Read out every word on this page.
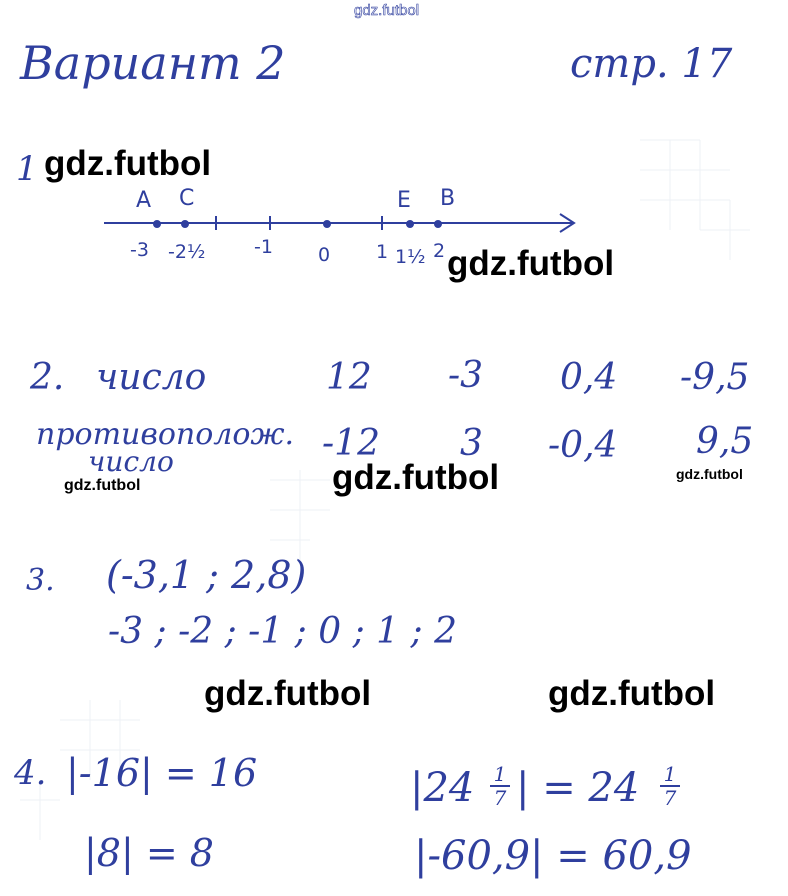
gdz.futbol
Вариант 2	стр. 17
1
A C	E B
-3 -2½	-1 0 1 1½ 2
2. число	12 -3 0,4 -9,5
противополож.
число	-12 3 -0,4 9,5
3. (-3,1 ; 2,8)
-3 ; -2 ; -1 ; 0 ; 1 ; 2
4. |-16| = 16
|8| = 8
|24 1
7 | = 24 1
7
|-60,9| = 60,9
gdz.futbol
gdz.futbol
gdz.futbol
gdz.futbol
gdz.futbol
gdz.futbol	gdz.futbol
